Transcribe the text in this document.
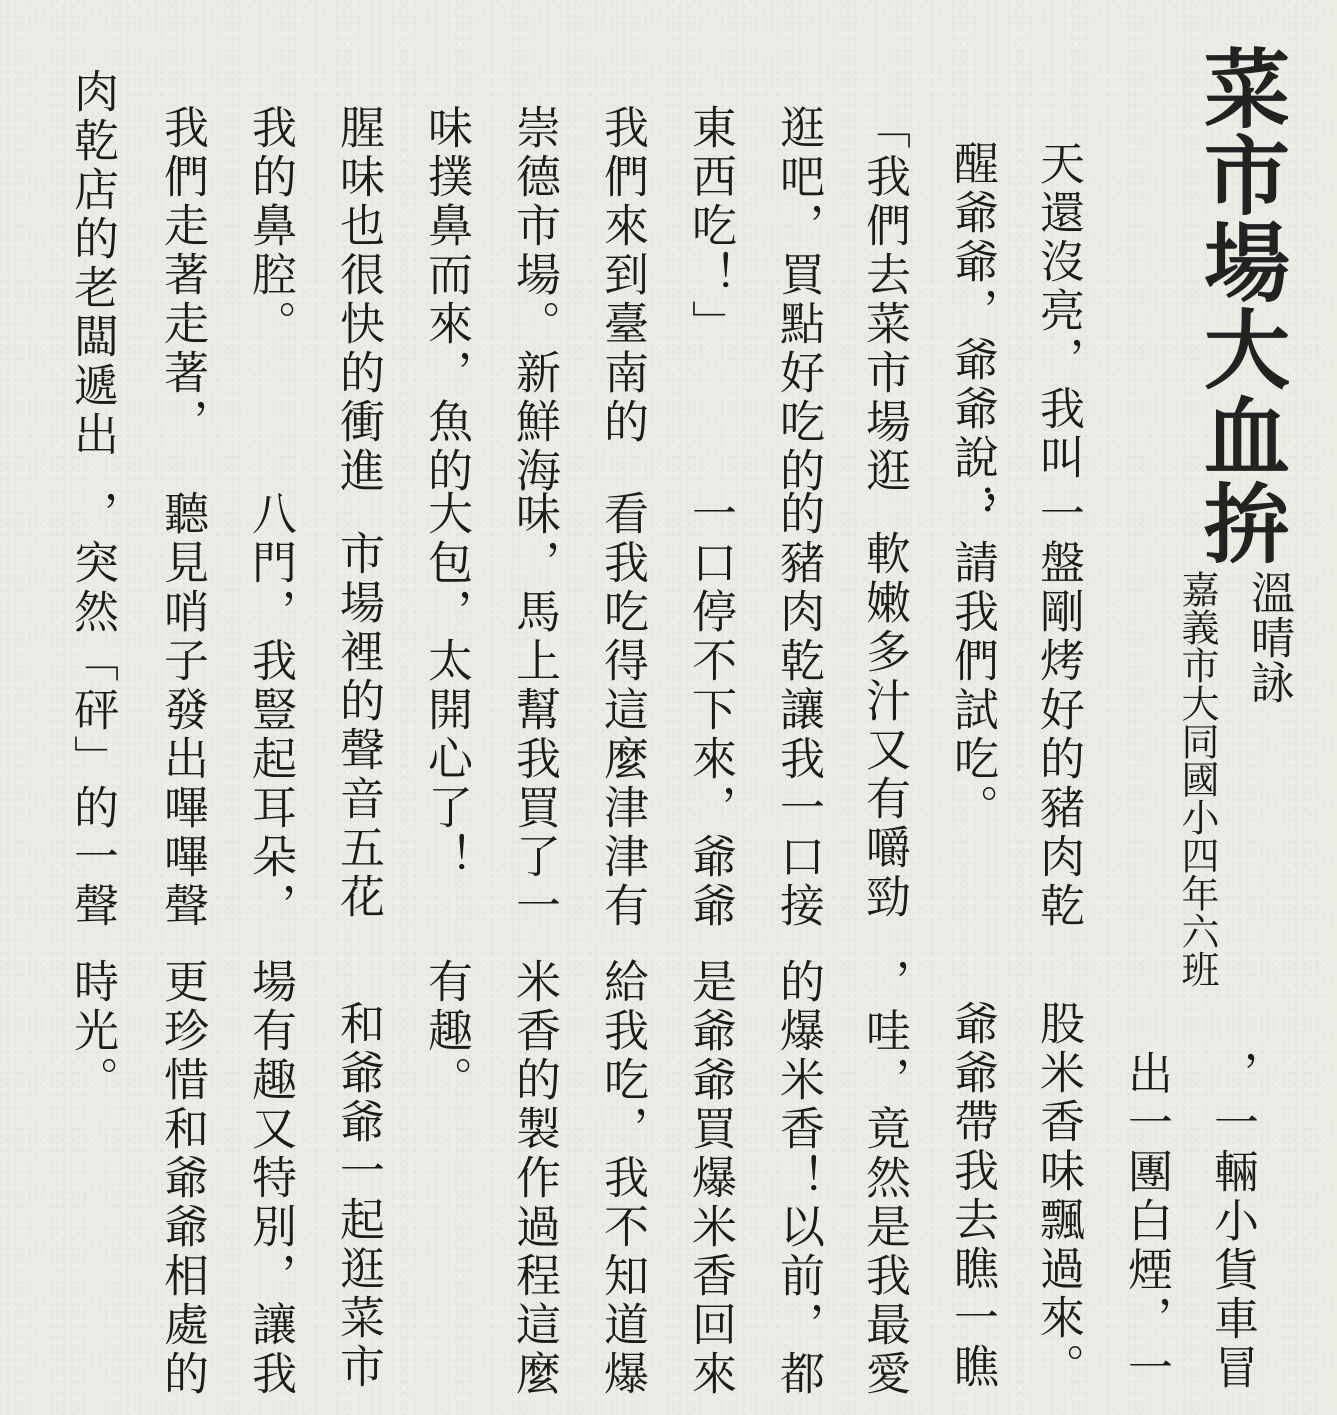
菜市場大血拚
溫晴詠
嘉義市大同國小四年六班
天還沒亮，我叫
醒爺爺，爺爺說：
「我們去菜市場逛
逛吧，買點好吃的
東西吃！」
我們來到臺南的
崇德市場。新鮮海
味撲鼻而來，魚的
腥味也很快的衝進
我的鼻腔。
我們走著走著，
肉乾店的老闆遞出
一盤剛烤好的豬肉乾
，請我們試吃。
軟嫩多汁又有嚼勁
的豬肉乾讓我一口接
一口停不下來，爺爺
看我吃得這麼津津有
味，馬上幫我買了一
大包，太開心了！
市場裡的聲音五花
八門，我豎起耳朵，
聽見哨子發出嗶嗶聲
，突然「砰」的一聲
，一輛小貨車冒
出一團白煙，一
股米香味飄過來。
爺爺帶我去瞧一瞧
，哇，竟然是我最愛
的爆米香！以前，都
是爺爺買爆米香回來
給我吃，我不知道爆
米香的製作過程這麼
有趣。
和爺爺一起逛菜市
場有趣又特別，讓我
更珍惜和爺爺相處的
時光。
